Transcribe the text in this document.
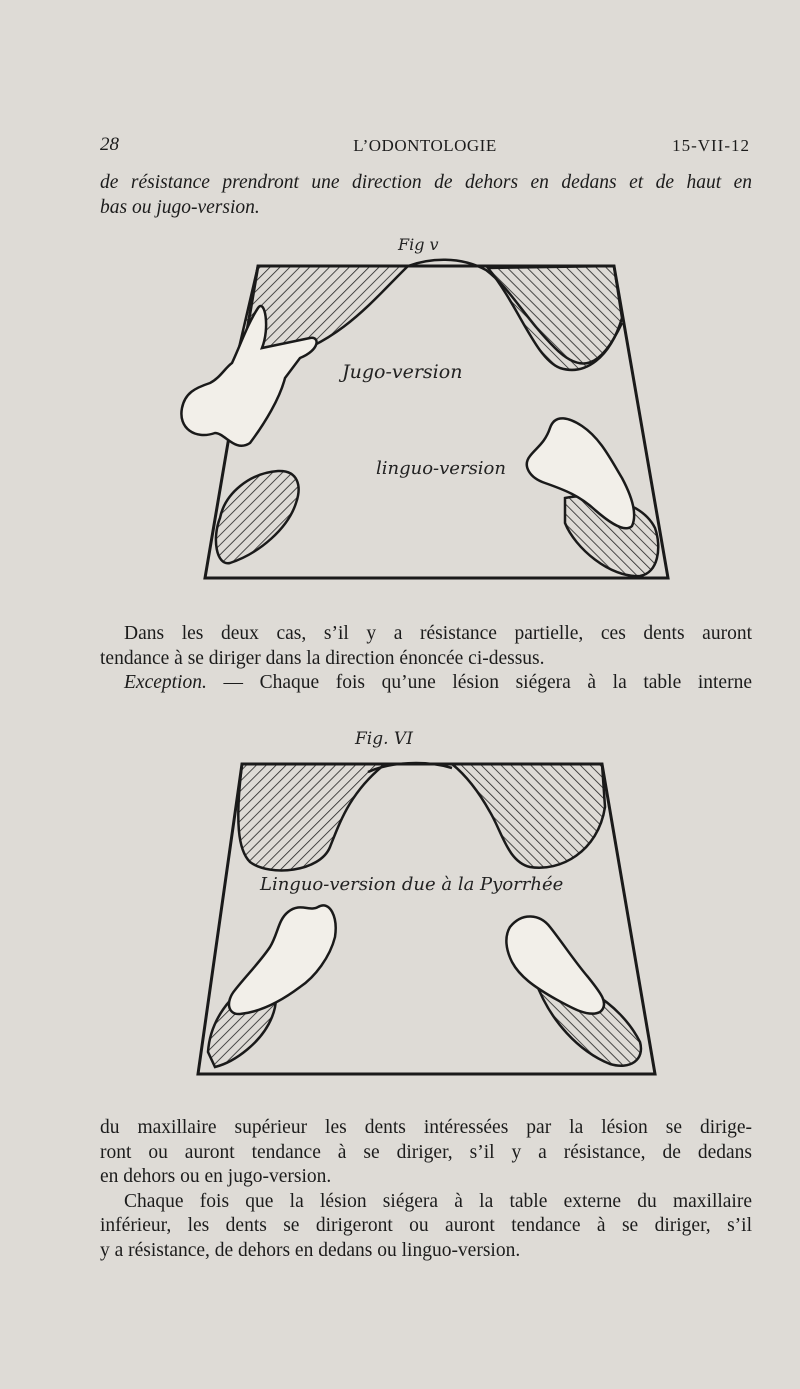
28	L’ODONTOLOGIE	15-VII-12
de résistance prendront une direction de dehors en dedans et de haut en
bas ou jugo-version.
Fig v
Jugo-version
linguo-version
Dans les deux cas, s’il y a résistance partielle, ces dents auront
tendance à se diriger dans la direction énoncée ci-dessus.
Exception. — Chaque fois qu’une lésion siégera à la table interne
Fig. VI
Linguo-version due à la Pyorrhée
du maxillaire supérieur les dents intéressées par la lésion se dirige-
ront ou auront tendance à se diriger, s’il y a résistance, de dedans
en dehors ou en jugo-version.
Chaque fois que la lésion siégera à la table externe du maxillaire
inférieur, les dents se dirigeront ou auront tendance à se diriger, s’il
y a résistance, de dehors en dedans ou linguo-version.
